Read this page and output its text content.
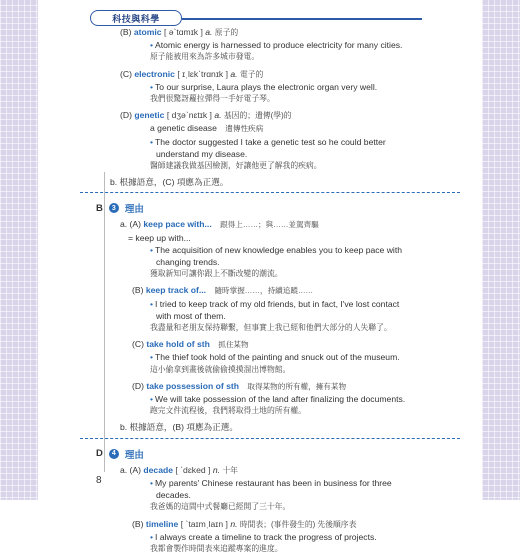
科技與科學
8
(B) atomic [ əˋtɑmɪk ] a. 原子的
• Atomic energy is harnessed to produce electricity for many cities.
原子能被用來為許多城市發電。
(C) electronic [ ɪˌlɛkˋtrɑnɪk ] a. 電子的
• To our surprise, Laura plays the electronic organ very well.
我們很驚訝蘿拉彈得一手好電子琴。
(D) genetic [ dʒəˋnɛtɪk ] a. 基因的；遺傳(學)的
a genetic disease 遺傳性疾病
• The doctor suggested I take a genetic test so he could better
understand my disease.
醫師建議我做基因檢測，好讓他更了解我的疾病。
b. 根據語意，(C) 項應為正選。
B	3 理由
a. (A) keep pace with... 跟得上……；與……並駕齊驅
= keep up with...
• The acquisition of new knowledge enables you to keep pace with
changing trends.
獲取新知可讓你跟上不斷改變的潮流。
(B) keep track of... 隨時掌握……，持續追蹤……
• I tried to keep track of my old friends, but in fact, I've lost contact
with most of them.
我盡量和老朋友保持聯繫，但事實上我已經和他們大部分的人失聯了。
(C) take hold of sth 抓住某物
• The thief took hold of the painting and snuck out of the museum.
這小偷拿到畫後就偷偷摸摸溜出博物館。
(D) take possession of sth 取得某物的所有權，擁有某物
• We will take possession of the land after finalizing the documents.
跑完文件流程後，我們將取得土地的所有權。
b. 根據語意，(B) 項應為正選。
D	4 理由
a. (A) decade [ ˋdɛked ] n. 十年
• My parents' Chinese restaurant has been in business for three
decades.
我爸媽的這間中式餐廳已經開了三十年。
(B) timeline [ ˋtaɪmˌlaɪn ] n. 時間表；(事件發生的) 先後順序表
• I always create a timeline to track the progress of projects.
我都會製作時間表來追蹤專案的進度。
